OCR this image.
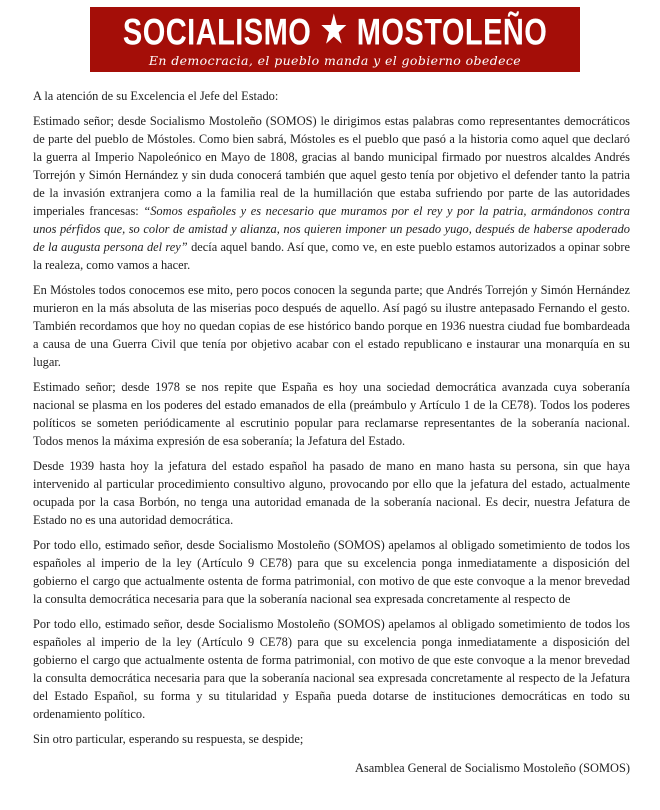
SOCIALISMO ★ MOSTOLEÑO
En democracia, el pueblo manda y el gobierno obedece

A la atención de su Excelencia el Jefe del Estado:

Estimado señor; desde Socialismo Mostoleño (SOMOS) le dirigimos estas palabras como representantes democráticos de parte del pueblo de Móstoles. Como bien sabrá, Móstoles es el pueblo que pasó a la historia como aquel que declaró la guerra al Imperio Napoleónico en Mayo de 1808, gracias al bando municipal firmado por nuestros alcaldes Andrés Torrejón y Simón Hernández y sin duda conocerá también que aquel gesto tenía por objetivo el defender tanto la patria de la invasión extranjera como a la familia real de la humillación que estaba sufriendo por parte de las autoridades imperiales francesas: “Somos españoles y es necesario que muramos por el rey y por la patria, armándonos contra unos pérfidos que, so color de amistad y alianza, nos quieren imponer un pesado yugo, después de haberse apoderado de la augusta persona del rey” decía aquel bando. Así que, como ve, en este pueblo estamos autorizados a opinar sobre la realeza, como vamos a hacer.

En Móstoles todos conocemos ese mito, pero pocos conocen la segunda parte; que Andrés Torrejón y Simón Hernández murieron en la más absoluta de las miserias poco después de aquello. Así pagó su ilustre antepasado Fernando el gesto. También recordamos que hoy no quedan copias de ese histórico bando porque en 1936 nuestra ciudad fue bombardeada a causa de una Guerra Civil que tenía por objetivo acabar con el estado republicano e instaurar una monarquía en su lugar.

Estimado señor; desde 1978 se nos repite que España es hoy una sociedad democrática avanzada cuya soberanía nacional se plasma en los poderes del estado emanados de ella (preámbulo y Artículo 1 de la CE78). Todos los poderes políticos se someten periódicamente al escrutinio popular para reclamarse representantes de la soberanía nacional. Todos menos la máxima expresión de esa soberanía; la Jefatura del Estado.

Desde 1939 hasta hoy la jefatura del estado español ha pasado de mano en mano hasta su persona, sin que haya intervenido al particular procedimiento consultivo alguno, provocando por ello que la jefatura del estado, actualmente ocupada por la casa Borbón, no tenga una autoridad emanada de la soberanía nacional. Es decir, nuestra Jefatura de Estado no es una autoridad democrática.

Por todo ello, estimado señor, desde Socialismo Mostoleño (SOMOS) apelamos al obligado sometimiento de todos los españoles al imperio de la ley (Artículo 9 CE78) para que su excelencia ponga inmediatamente a disposición del gobierno el cargo que actualmente ostenta de forma patrimonial, con motivo de que este convoque a la menor brevedad la consulta democrática necesaria para que la soberanía nacional sea expresada concretamente al respecto de

Por todo ello, estimado señor, desde Socialismo Mostoleño (SOMOS) apelamos al obligado sometimiento de todos los españoles al imperio de la ley (Artículo 9 CE78) para que su excelencia ponga inmediatamente a disposición del gobierno el cargo que actualmente ostenta de forma patrimonial, con motivo de que este convoque a la menor brevedad la consulta democrática necesaria para que la soberanía nacional sea expresada concretamente al respecto de la Jefatura del Estado Español, su forma y su titularidad y España pueda dotarse de instituciones democráticas en todo su ordenamiento político.

Sin otro particular, esperando su respuesta, se despide;

Asamblea General de Socialismo Mostoleño (SOMOS)
